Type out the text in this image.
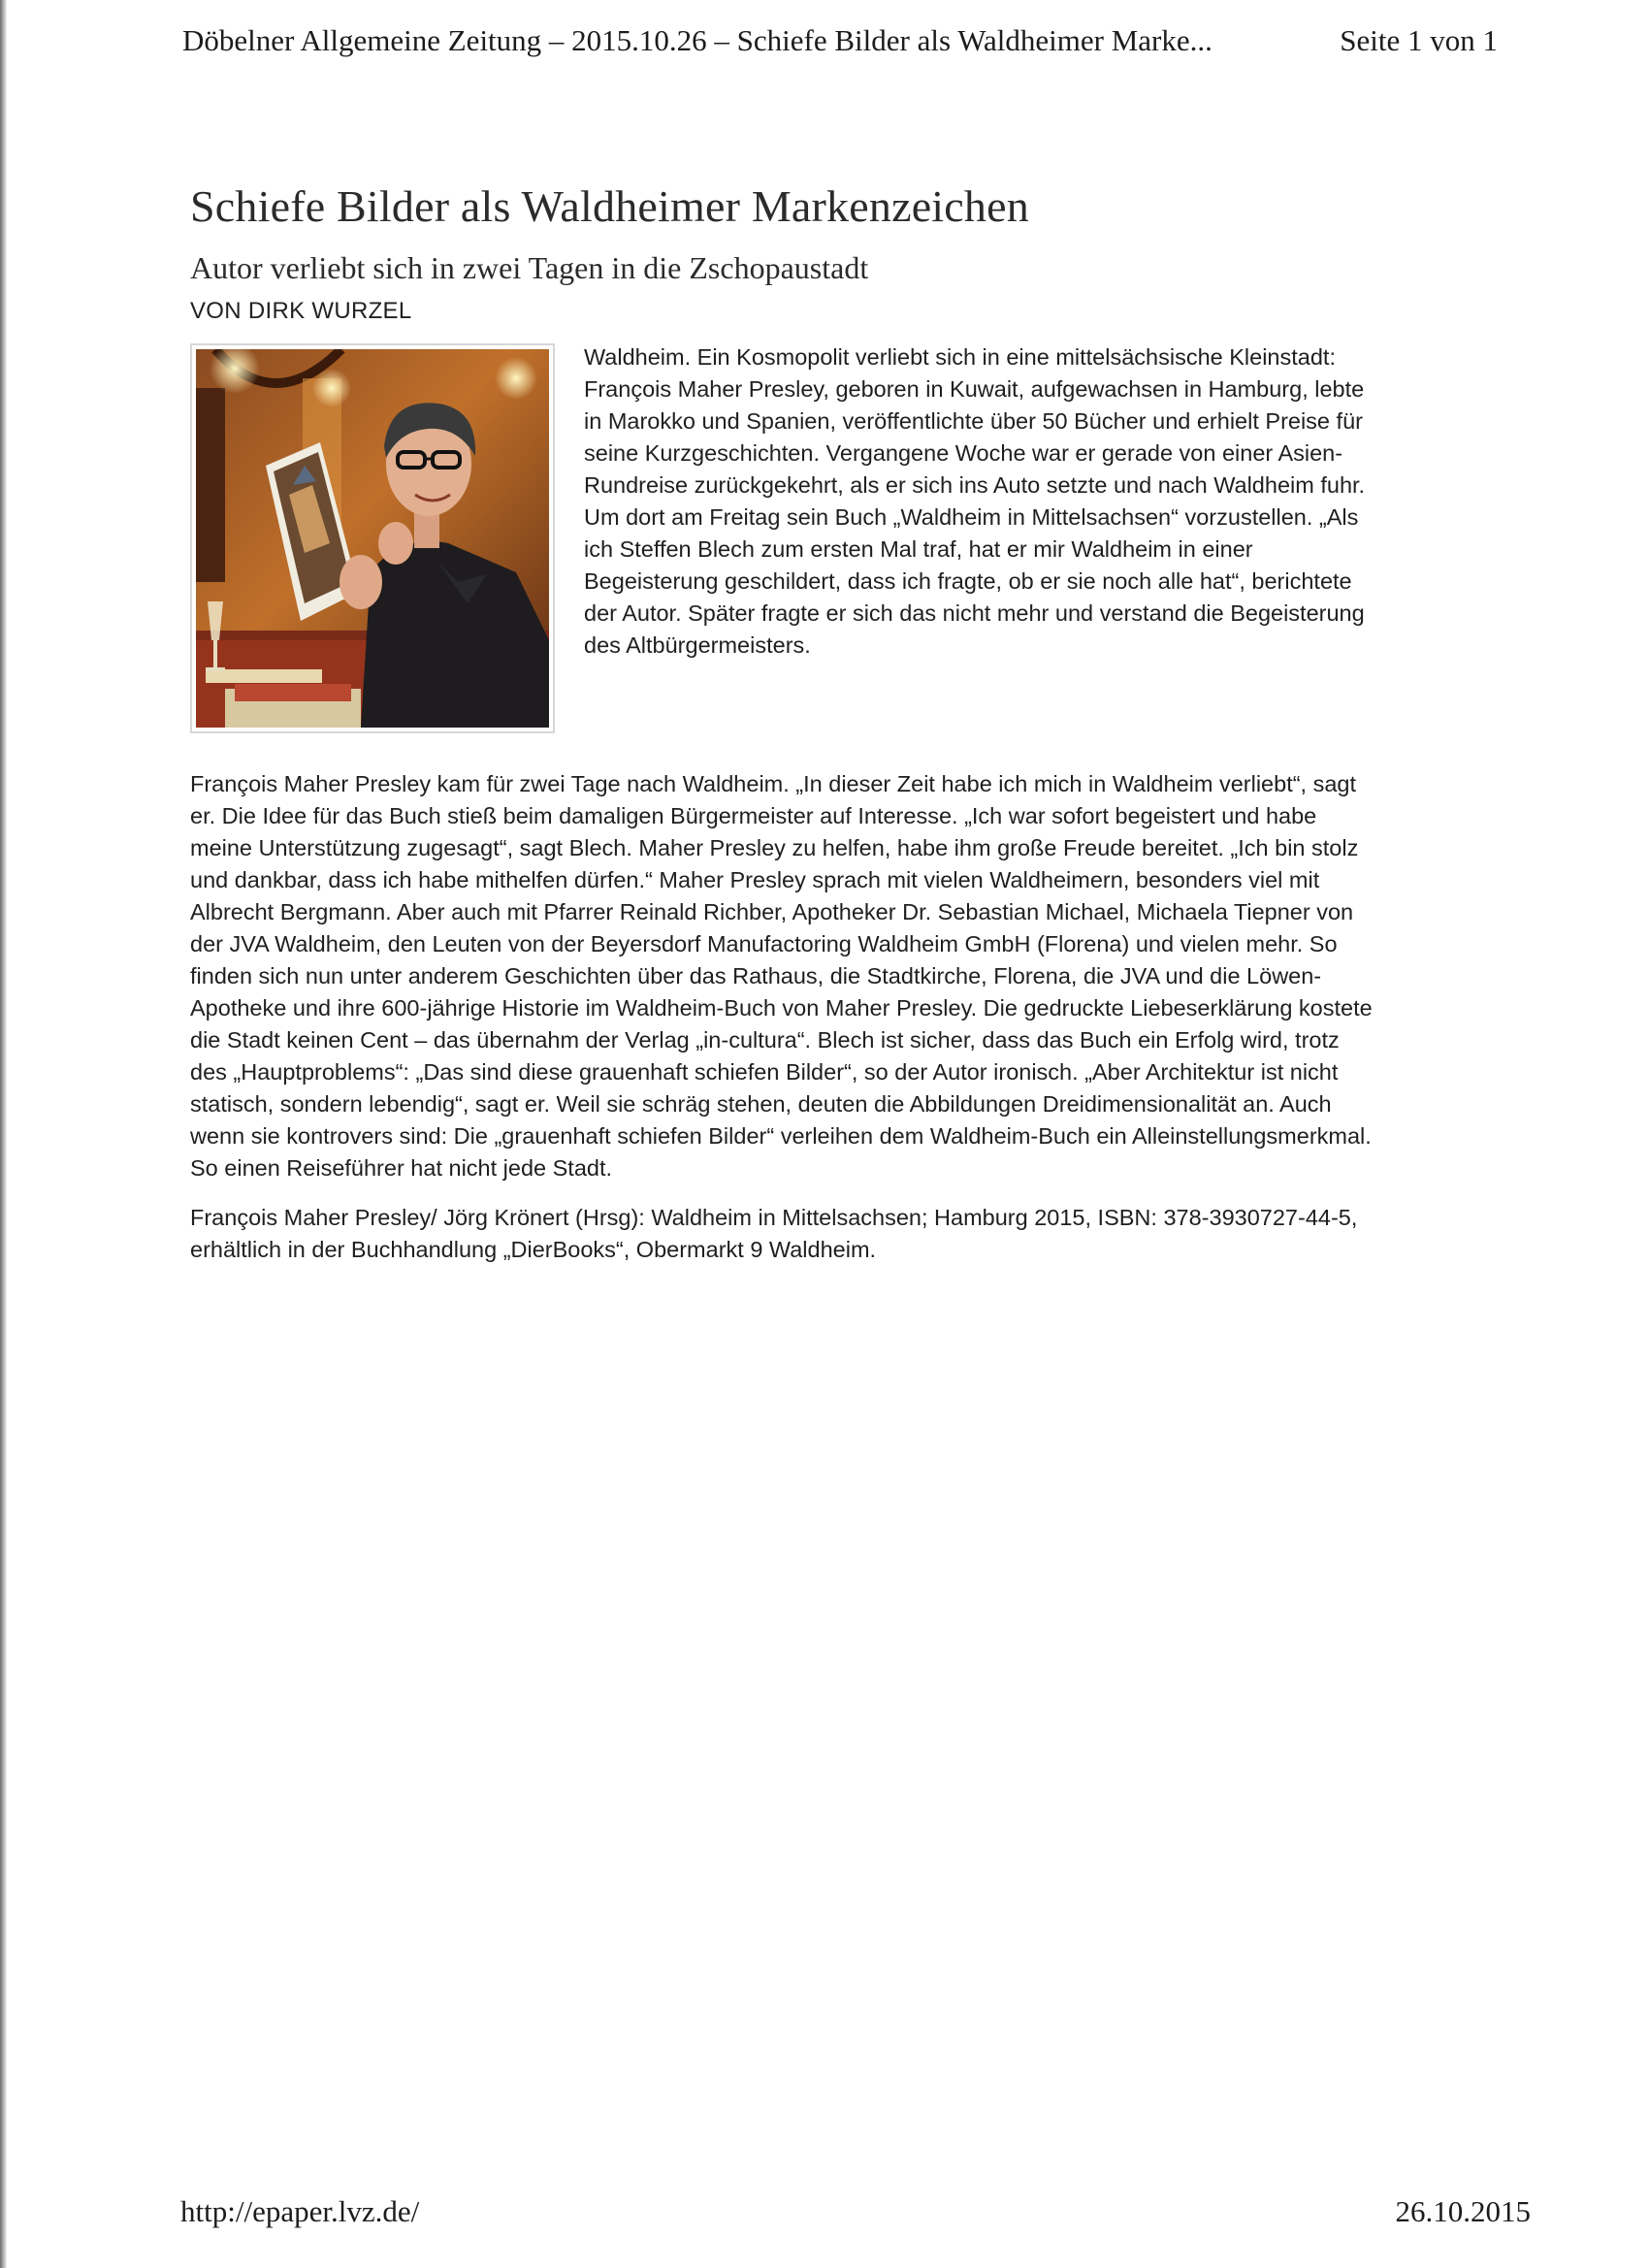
Döbelner Allgemeine Zeitung – 2015.10.26 – Schiefe Bilder als Waldheimer Marke...	Seite 1 von 1
Schiefe Bilder als Waldheimer Markenzeichen
Autor verliebt sich in zwei Tagen in die Zschopaustadt
VON DIRK WURZEL

Waldheim. Ein Kosmopolit verliebt sich in eine mittelsächsische Kleinstadt: François Maher Presley, geboren in Kuwait, aufgewachsen in Hamburg, lebte in Marokko und Spanien, veröffentlichte über 50 Bücher und erhielt Preise für seine Kurzgeschichten. Vergangene Woche war er gerade von einer Asien-Rundreise zurückgekehrt, als er sich ins Auto setzte und nach Waldheim fuhr. Um dort am Freitag sein Buch „Waldheim in Mittelsachsen“ vorzustellen. „Als ich Steffen Blech zum ersten Mal traf, hat er mir Waldheim in einer Begeisterung geschildert, dass ich fragte, ob er sie noch alle hat“, berichtete der Autor. Später fragte er sich das nicht mehr und verstand die Begeisterung des Altbürgermeisters.

François Maher Presley kam für zwei Tage nach Waldheim. „In dieser Zeit habe ich mich in Waldheim verliebt“, sagt er. Die Idee für das Buch stieß beim damaligen Bürgermeister auf Interesse. „Ich war sofort begeistert und habe meine Unterstützung zugesagt“, sagt Blech. Maher Presley zu helfen, habe ihm große Freude bereitet. „Ich bin stolz und dankbar, dass ich habe mithelfen dürfen.“ Maher Presley sprach mit vielen Waldheimern, besonders viel mit Albrecht Bergmann. Aber auch mit Pfarrer Reinald Richber, Apotheker Dr. Sebastian Michael, Michaela Tiepner von der JVA Waldheim, den Leuten von der Beyersdorf Manufactoring Waldheim GmbH (Florena) und vielen mehr. So finden sich nun unter anderem Geschichten über das Rathaus, die Stadtkirche, Florena, die JVA und die Löwen-Apotheke und ihre 600-jährige Historie im Waldheim-Buch von Maher Presley. Die gedruckte Liebeserklärung kostete die Stadt keinen Cent – das übernahm der Verlag „in-cultura“. Blech ist sicher, dass das Buch ein Erfolg wird, trotz des „Hauptproblems“: „Das sind diese grauenhaft schiefen Bilder“, so der Autor ironisch. „Aber Architektur ist nicht statisch, sondern lebendig“, sagt er. Weil sie schräg stehen, deuten die Abbildungen Dreidimensionalität an. Auch wenn sie kontrovers sind: Die „grauenhaft schiefen Bilder“ verleihen dem Waldheim-Buch ein Alleinstellungsmerkmal. So einen Reiseführer hat nicht jede Stadt.

François Maher Presley/ Jörg Krönert (Hrsg): Waldheim in Mittelsachsen; Hamburg 2015, ISBN: 378-3930727-44-5, erhältlich in der Buchhandlung „DierBooks“, Obermarkt 9 Waldheim.

http://epaper.lvz.de/	26.10.2015
